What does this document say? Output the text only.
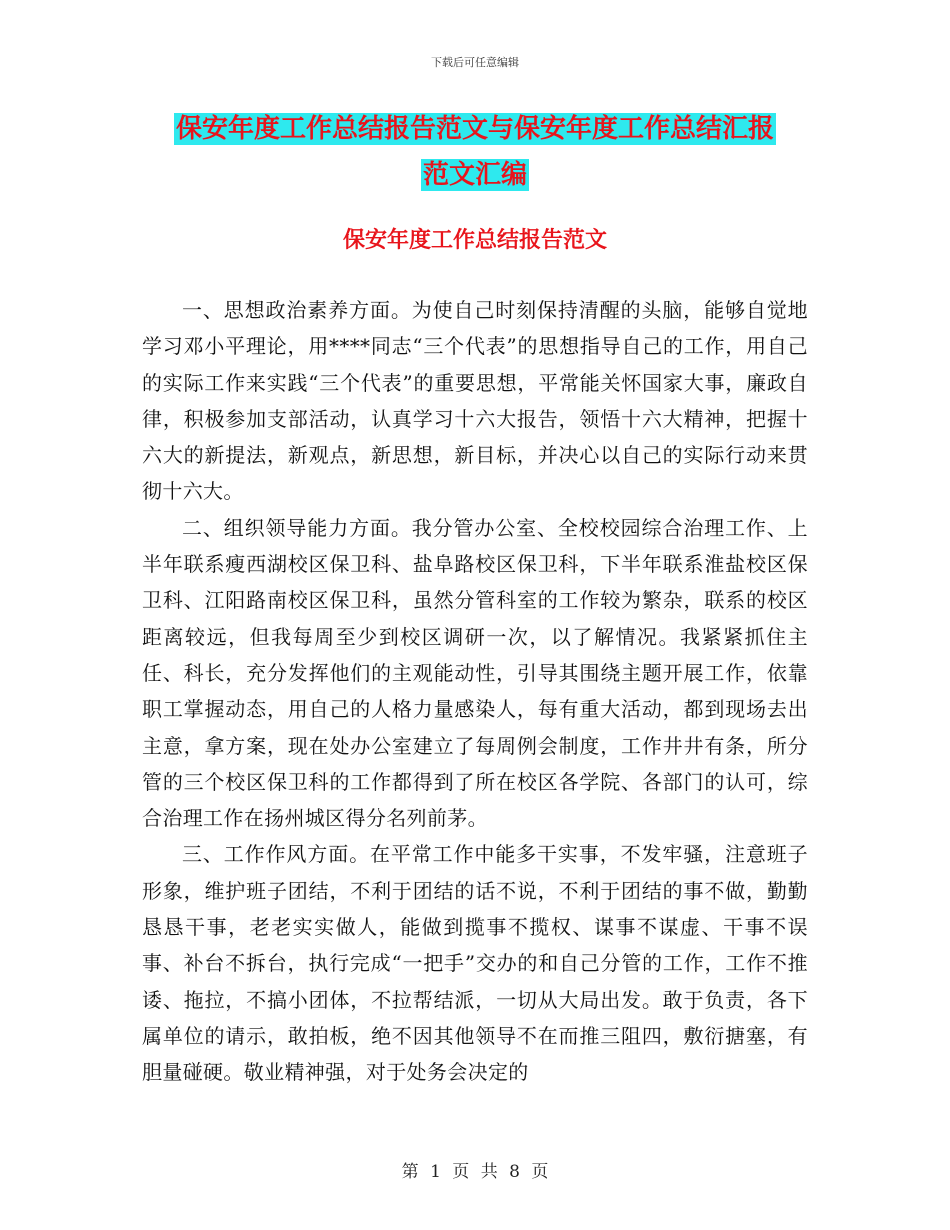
下载后可任意编辑
保安年度工作总结报告范文与保安年度工作总结汇报
范文汇编
保安年度工作总结报告范文

一、思想政治素养方面。为使自己时刻保持清醒的头脑，能够自觉地学习邓小平理论，用****同志“三个代表”的思想指导自己的工作，用自己的实际工作来实践“三个代表”的重要思想，平常能关怀国家大事，廉政自律，积极参加支部活动，认真学习十六大报告，领悟十六大精神，把握十六大的新提法，新观点，新思想，新目标，并决心以自己的实际行动来贯彻十六大。

二、组织领导能力方面。我分管办公室、全校校园综合治理工作、上半年联系瘦西湖校区保卫科、盐阜路校区保卫科，下半年联系淮盐校区保卫科、江阳路南校区保卫科，虽然分管科室的工作较为繁杂，联系的校区距离较远，但我每周至少到校区调研一次，以了解情况。我紧紧抓住主任、科长，充分发挥他们的主观能动性，引导其围绕主题开展工作，依靠职工掌握动态，用自己的人格力量感染人，每有重大活动，都到现场去出主意，拿方案，现在处办公室建立了每周例会制度，工作井井有条，所分管的三个校区保卫科的工作都得到了所在校区各学院、各部门的认可，综合治理工作在扬州城区得分名列前茅。

三、工作作风方面。在平常工作中能多干实事，不发牢骚，注意班子形象，维护班子团结，不利于团结的话不说，不利于团结的事不做，勤勤恳恳干事，老老实实做人，能做到揽事不揽权、谋事不谋虚、干事不误事、补台不拆台，执行完成“一把手”交办的和自己分管的工作，工作不推诿、拖拉，不搞小团体，不拉帮结派，一切从大局出发。敢于负责，各下属单位的请示，敢拍板，绝不因其他领导不在而推三阻四，敷衍搪塞，有胆量碰硬。敬业精神强，对于处务会决定的

第 1 页 共 8 页
